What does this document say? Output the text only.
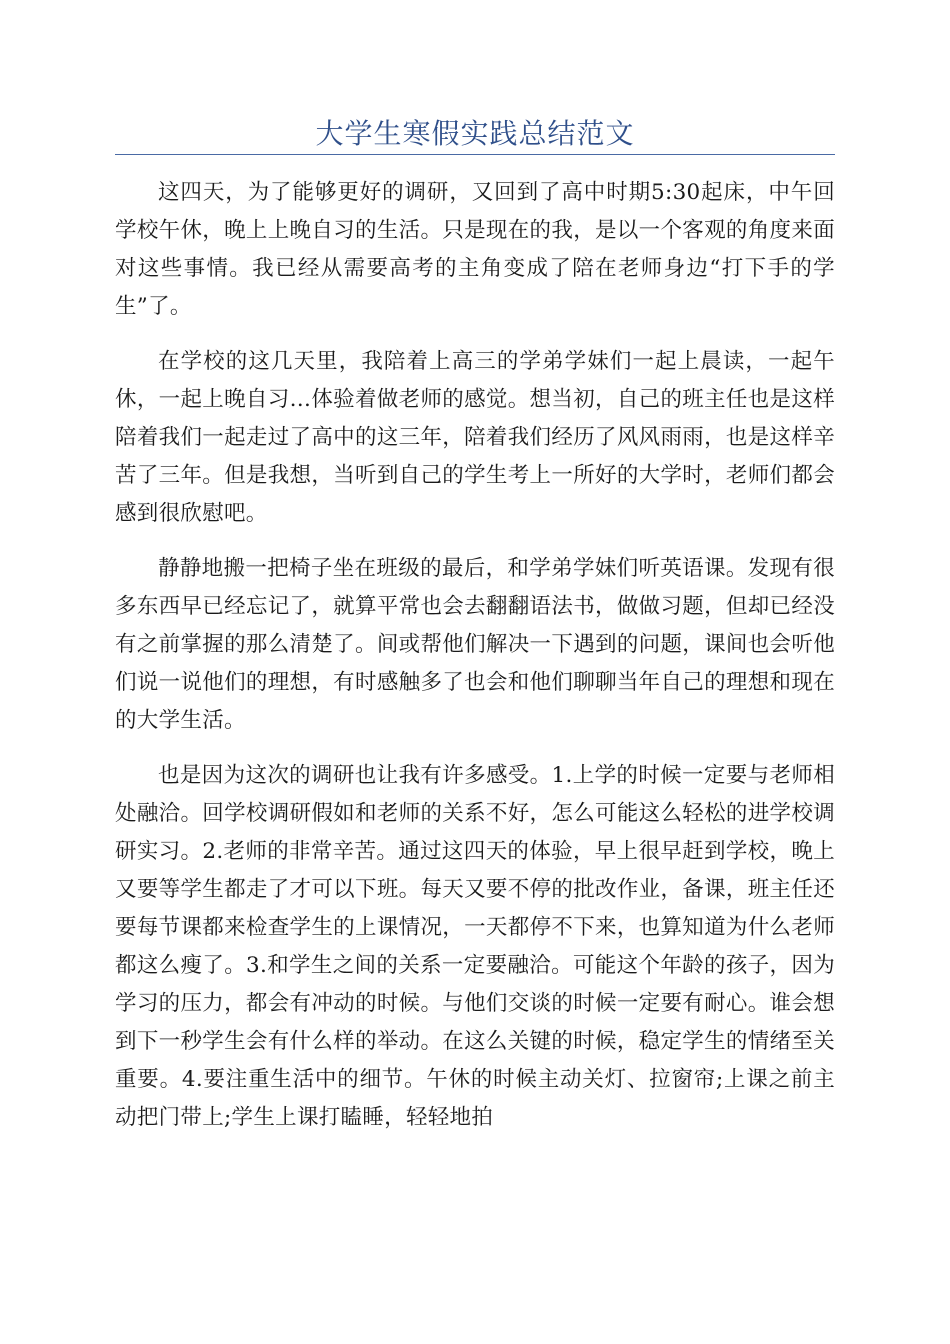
大学生寒假实践总结范文

这四天，为了能够更好的调研，又回到了高中时期5:30起床，中午回学校午休，晚上上晚自习的生活。只是现在的我，是以一个客观的角度来面对这些事情。我已经从需要高考的主角变成了陪在老师身边“打下手的学生”了。

在学校的这几天里，我陪着上高三的学弟学妹们一起上晨读，一起午休，一起上晚自习…体验着做老师的感觉。想当初，自己的班主任也是这样陪着我们一起走过了高中的这三年，陪着我们经历了风风雨雨，也是这样辛苦了三年。但是我想，当听到自己的学生考上一所好的大学时，老师们都会感到很欣慰吧。

静静地搬一把椅子坐在班级的最后，和学弟学妹们听英语课。发现有很多东西早已经忘记了，就算平常也会去翻翻语法书，做做习题，但却已经没有之前掌握的那么清楚了。间或帮他们解决一下遇到的问题，课间也会听他们说一说他们的理想，有时感触多了也会和他们聊聊当年自己的理想和现在的大学生活。

也是因为这次的调研也让我有许多感受。1.上学的时候一定要与老师相处融洽。回学校调研假如和老师的关系不好，怎么可能这么轻松的进学校调研实习。2.老师的非常辛苦。通过这四天的体验，早上很早赶到学校，晚上又要等学生都走了才可以下班。每天又要不停的批改作业，备课，班主任还要每节课都来检查学生的上课情况，一天都停不下来，也算知道为什么老师都这么瘦了。3.和学生之间的关系一定要融洽。可能这个年龄的孩子，因为学习的压力，都会有冲动的时候。与他们交谈的时候一定要有耐心。谁会想到下一秒学生会有什么样的举动。在这么关键的时候，稳定学生的情绪至关重要。4.要注重生活中的细节。午休的时候主动关灯、拉窗帘;上课之前主动把门带上;学生上课打瞌睡，轻轻地拍
